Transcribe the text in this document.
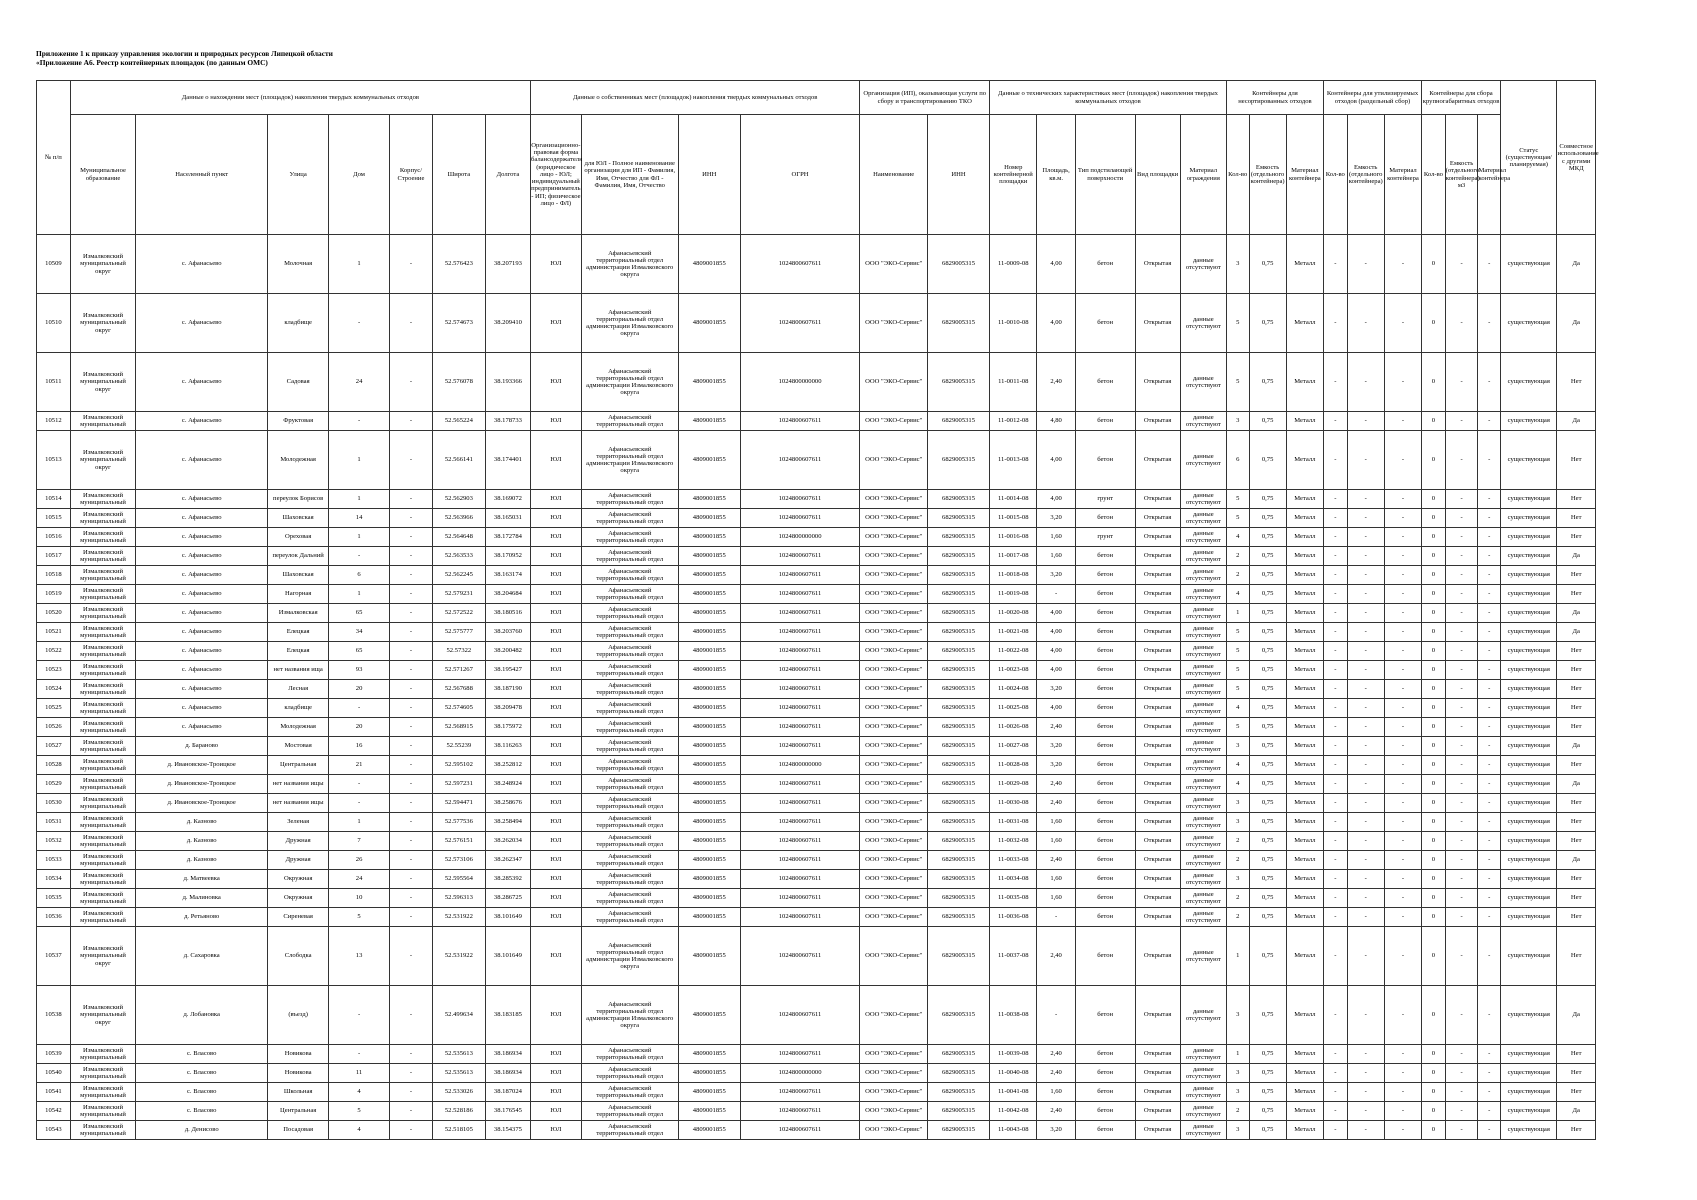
Приложение 1 к приказу управления экологии и природных ресурсов Липецкой области
«Приложение А6. Реестр контейнерных площадок (по данным ОМС)
№ п/п	Данные о нахождении мест (площадок) накопления твердых коммунальных отходов							Данные о собственниках мест (площадок) накопления твердых коммунальных отходов				Организация (ИП), оказывающая услуги по сбору и транспортированию ТКО		Данные о технических характеристиках мест (площадок) накопления твердых коммунальных отходов					Контейнеры для несортированных отходов			Контейнеры для утилизируемых отходов (раздельный сбор)			Контейнеры для сбора крупногабаритных отходов			Статус (существующая/планируемая)	Совместное использование с другими МКД
	Муниципальное образование	Населенный пункт	Улица	Дом	Корпус/Строение	Широта	Долгота	Организационно-правовая форма балансодержателя (юридическое лицо - ЮЛ; индивидуальный предприниматель - ИП; физическое лицо - ФЛ)	для ЮЛ - Полное наименование организации для ИП - Фамилия, Имя, Отчество для ФЛ - Фамилия, Имя, Отчество	ИНН	ОГРН	Наименование	ИНН	Номер контейнерной площадки	Площадь, кв.м.	Тип подстилающей поверхности	Вид площадки	Материал ограждения	Кол-во	Емкость (отдельного контейнера)	Материал контейнера	Кол-во	Емкость (отдельного контейнера)	Материал контейнера	Кол-во	Емкость (отдельного контейнера) м3	Материал контейнера		
10509	Измалковский муниципальный округ	с. Афанасьево	Молочная	1	-	52.576423	38.207193	ЮЛ	Афанасьевский территориальный отдел администрации Измалковского округа	4809001855	1024800607611	ООО "ЭКО-Сервис"	6829005315	11-0009-08	4,00	бетон	Открытая	данные отсутствуют	3	0,75	Металл	-	-	-	0	-	-	существующая	Да
10510	Измалковский муниципальный округ	с. Афанасьево	кладбище	-	-	52.574673	38.209410	ЮЛ	Афанасьевский территориальный отдел администрации Измалковского округа	4809001855	1024800607611	ООО "ЭКО-Сервис"	6829005315	11-0010-08	4,00	бетон	Открытая	данные отсутствуют	5	0,75	Металл	-	-	-	0	-	-	существующая	Да
10511	Измалковский муниципальный округ	с. Афанасьево	Садовая	24	-	52.576078	38.193366	ЮЛ	Афанасьевский территориальный отдел администрации Измалковского округа	4809001855	1024800000000	ООО "ЭКО-Сервис"	6829005315	11-0011-08	2,40	бетон	Открытая	данные отсутствуют	5	0,75	Металл	-	-	-	0	-	-	существующая	Нет
10512	Измалковский муниципальный	с. Афанасьево	Фруктовая	-	-	52.565224	38.178733	ЮЛ	Афанасьевский территориальный отдел	4809001855	1024800607611	ООО "ЭКО-Сервис"	6829005315	11-0012-08	4,80	бетон	Открытая	данные отсутствуют	3	0,75	Металл	-	-	-	0	-	-	существующая	Да
10513	Измалковский муниципальный округ	с. Афанасьево	Молодежная	1	-	52.566141	38.174401	ЮЛ	Афанасьевский территориальный отдел администрации Измалковского округа	4809001855	1024800607611	ООО "ЭКО-Сервис"	6829005315	11-0013-08	4,00	бетон	Открытая	данные отсутствуют	6	0,75	Металл	-	-	-	0	-	-	существующая	Нет
10514	Измалковский муниципальный	с. Афанасьево	переулок Борисов	1	-	52.562903	38.169072	ЮЛ	Афанасьевский территориальный отдел	4809001855	1024800607611	ООО "ЭКО-Сервис"	6829005315	11-0014-08	4,00	грунт	Открытая	данные отсутствуют	5	0,75	Металл	-	-	-	0	-	-	существующая	Нет
10515	Измалковский муниципальный	с. Афанасьево	Шаховская	14	-	52.563966	38.165031	ЮЛ	Афанасьевский территориальный отдел	4809001855	1024800607611	ООО "ЭКО-Сервис"	6829005315	11-0015-08	3,20	бетон	Открытая	данные отсутствуют	5	0,75	Металл	-	-	-	0	-	-	существующая	Нет
10516	Измалковский муниципальный	с. Афанасьево	Ореховая	1	-	52.564648	38.172784	ЮЛ	Афанасьевский территориальный отдел	4809001855	1024800000000	ООО "ЭКО-Сервис"	6829005315	11-0016-08	1,60	грунт	Открытая	данные отсутствуют	4	0,75	Металл	-	-	-	0	-	-	существующая	Нет
10517	Измалковский муниципальный	с. Афанасьево	переулок Дальний	-	-	52.563533	38.170952	ЮЛ	Афанасьевский территориальный отдел	4809001855	1024800607611	ООО "ЭКО-Сервис"	6829005315	11-0017-08	1,60	бетон	Открытая	данные отсутствуют	2	0,75	Металл	-	-	-	0	-	-	существующая	Да
10518	Измалковский муниципальный	с. Афанасьево	Шаховская	6	-	52.562245	38.163174	ЮЛ	Афанасьевский территориальный отдел	4809001855	1024800607611	ООО "ЭКО-Сервис"	6829005315	11-0018-08	3,20	бетон	Открытая	данные отсутствуют	2	0,75	Металл	-	-	-	0	-	-	существующая	Нет
10519	Измалковский муниципальный	с. Афанасьево	Нагорная	1	-	52.579231	38.204684	ЮЛ	Афанасьевский территориальный отдел	4809001855	1024800607611	ООО "ЭКО-Сервис"	6829005315	11-0019-08	-	бетон	Открытая	данные отсутствуют	4	0,75	Металл	-	-	-	0	-	-	существующая	Нет
10520	Измалковский муниципальный	с. Афанасьево	Измалковская	65	-	52.572522	38.180516	ЮЛ	Афанасьевский территориальный отдел	4809001855	1024800607611	ООО "ЭКО-Сервис"	6829005315	11-0020-08	4,00	бетон	Открытая	данные отсутствуют	1	0,75	Металл	-	-	-	0	-	-	существующая	Да
10521	Измалковский муниципальный	с. Афанасьево	Елецкая	34	-	52.575777	38.203760	ЮЛ	Афанасьевский территориальный отдел	4809001855	1024800607611	ООО "ЭКО-Сервис"	6829005315	11-0021-08	4,00	бетон	Открытая	данные отсутствуют	5	0,75	Металл	-	-	-	0	-	-	существующая	Да
10522	Измалковский муниципальный	с. Афанасьево	Елецкая	65	-	52.57322	38.200482	ЮЛ	Афанасьевский территориальный отдел	4809001855	1024800607611	ООО "ЭКО-Сервис"	6829005315	11-0022-08	4,00	бетон	Открытая	данные отсутствуют	5	0,75	Металл	-	-	-	0	-	-	существующая	Нет
10523	Измалковский муниципальный	с. Афанасьево	нет названия ища	93	-	52.571267	38.195427	ЮЛ	Афанасьевский территориальный отдел	4809001855	1024800607611	ООО "ЭКО-Сервис"	6829005315	11-0023-08	4,00	бетон	Открытая	данные отсутствуют	5	0,75	Металл	-	-	-	0	-	-	существующая	Нет
10524	Измалковский муниципальный	с. Афанасьево	Лесная	20	-	52.567688	38.187190	ЮЛ	Афанасьевский территориальный отдел	4809001855	1024800607611	ООО "ЭКО-Сервис"	6829005315	11-0024-08	3,20	бетон	Открытая	данные отсутствуют	5	0,75	Металл	-	-	-	0	-	-	существующая	Нет
10525	Измалковский муниципальный	с. Афанасьево	кладбище	-	-	52.574605	38.209478	ЮЛ	Афанасьевский территориальный отдел	4809001855	1024800607611	ООО "ЭКО-Сервис"	6829005315	11-0025-08	4,00	бетон	Открытая	данные отсутствуют	4	0,75	Металл	-	-	-	0	-	-	существующая	Нет
10526	Измалковский муниципальный	с. Афанасьево	Молодежная	20	-	52.568915	38.175972	ЮЛ	Афанасьевский территориальный отдел	4809001855	1024800607611	ООО "ЭКО-Сервис"	6829005315	11-0026-08	2,40	бетон	Открытая	данные отсутствуют	5	0,75	Металл	-	-	-	0	-	-	существующая	Нет
10527	Измалковский муниципальный	д. Бараново	Мостовая	16	-	52.55239	38.116263	ЮЛ	Афанасьевский территориальный отдел	4809001855	1024800607611	ООО "ЭКО-Сервис"	6829005315	11-0027-08	3,20	бетон	Открытая	данные отсутствуют	3	0,75	Металл	-	-	-	0	-	-	существующая	Да
10528	Измалковский муниципальный	д. Ивановское-Троицкое	Центральная	21	-	52.595102	38.252812	ЮЛ	Афанасьевский территориальный отдел	4809001855	1024800000000	ООО "ЭКО-Сервис"	6829005315	11-0028-08	3,20	бетон	Открытая	данные отсутствуют	4	0,75	Металл	-	-	-	0	-	-	существующая	Нет
10529	Измалковский муниципальный	д. Ивановское-Троицкое	нет названия ищы	-	-	52.597231	38.248924	ЮЛ	Афанасьевский территориальный отдел	4809001855	1024800607611	ООО "ЭКО-Сервис"	6829005315	11-0029-08	2,40	бетон	Открытая	данные отсутствуют	4	0,75	Металл	-	-	-	0	-	-	существующая	Да
10530	Измалковский муниципальный	д. Ивановское-Троицкое	нет названия ищы	-	-	52.594471	38.258676	ЮЛ	Афанасьевский территориальный отдел	4809001855	1024800607611	ООО "ЭКО-Сервис"	6829005315	11-0030-08	2,40	бетон	Открытая	данные отсутствуют	3	0,75	Металл	-	-	-	0	-	-	существующая	Нет
10531	Измалковский муниципальный	д. Казново	Зеленая	1	-	52.577536	38.258494	ЮЛ	Афанасьевский территориальный отдел	4809001855	1024800607611	ООО "ЭКО-Сервис"	6829005315	11-0031-08	1,60	бетон	Открытая	данные отсутствуют	3	0,75	Металл	-	-	-	0	-	-	существующая	Нет
10532	Измалковский муниципальный	д. Казново	Дружная	7	-	52.576151	38.262034	ЮЛ	Афанасьевский территориальный отдел	4809001855	1024800607611	ООО "ЭКО-Сервис"	6829005315	11-0032-08	1,60	бетон	Открытая	данные отсутствуют	2	0,75	Металл	-	-	-	0	-	-	существующая	Нет
10533	Измалковский муниципальный	д. Казново	Дружная	26	-	52.573106	38.262347	ЮЛ	Афанасьевский территориальный отдел	4809001855	1024800607611	ООО "ЭКО-Сервис"	6829005315	11-0033-08	2,40	бетон	Открытая	данные отсутствуют	2	0,75	Металл	-	-	-	0	-	-	существующая	Да
10534	Измалковский муниципальный	д. Матвеевка	Окружная	24	-	52.595564	38.285392	ЮЛ	Афанасьевский территориальный отдел	4809001855	1024800607611	ООО "ЭКО-Сервис"	6829005315	11-0034-08	1,60	бетон	Открытая	данные отсутствуют	3	0,75	Металл	-	-	-	0	-	-	существующая	Нет
10535	Измалковский муниципальный	д. Малиновка	Окружная	10	-	52.596313	38.286725	ЮЛ	Афанасьевский территориальный отдел	4809001855	1024800607611	ООО "ЭКО-Сервис"	6829005315	11-0035-08	1,60	бетон	Открытая	данные отсутствуют	2	0,75	Металл	-	-	-	0	-	-	существующая	Нет
10536	Измалковский муниципальный	д. Ретьяново	Сиреневая	5	-	52.531922	38.101649	ЮЛ	Афанасьевский территориальный отдел	4809001855	1024800607611	ООО "ЭКО-Сервис"	6829005315	11-0036-08	-	бетон	Открытая	данные отсутствуют	2	0,75	Металл	-	-	-	0	-	-	существующая	Нет
10537	Измалковский муниципальный округ	д. Сахаровка	Слободка	13	-	52.531922	38.101649	ЮЛ	Афанасьевский территориальный отдел администрации Измалковского округа	4809001855	1024800607611	ООО "ЭКО-Сервис"	6829005315	11-0037-08	2,40	бетон	Открытая	данные отсутствуют	1	0,75	Металл	-	-	-	0	-	-	существующая	Нет
10538	Измалковский муниципальный округ	д. Лобановка	(въезд)	-	-	52.499634	38.183185	ЮЛ	Афанасьевский территориальный отдел администрации Измалковского округа	4809001855	1024800607611	ООО "ЭКО-Сервис"	6829005315	11-0038-08	-	бетон	Открытая	данные отсутствуют	3	0,75	Металл	-	-	-	0	-	-	существующая	Да
10539	Измалковский муниципальный	с. Власово	Новикова	-	-	52.535613	38.186934	ЮЛ	Афанасьевский территориальный отдел	4809001855	1024800607611	ООО "ЭКО-Сервис"	6829005315	11-0039-08	2,40	бетон	Открытая	данные отсутствуют	1	0,75	Металл	-	-	-	0	-	-	существующая	Нет
10540	Измалковский муниципальный	с. Власово	Новикова	11	-	52.535613	38.186934	ЮЛ	Афанасьевский территориальный отдел	4809001855	1024800000000	ООО "ЭКО-Сервис"	6829005315	11-0040-08	2,40	бетон	Открытая	данные отсутствуют	3	0,75	Металл	-	-	-	0	-	-	существующая	Нет
10541	Измалковский муниципальный	с. Власово	Школьная	4	-	52.533026	38.187024	ЮЛ	Афанасьевский территориальный отдел	4809001855	1024800607611	ООО "ЭКО-Сервис"	6829005315	11-0041-08	1,60	бетон	Открытая	данные отсутствуют	3	0,75	Металл	-	-	-	0	-	-	существующая	Нет
10542	Измалковский муниципальный	с. Власово	Центральная	5	-	52.528186	38.176545	ЮЛ	Афанасьевский территориальный отдел	4809001855	1024800607611	ООО "ЭКО-Сервис"	6829005315	11-0042-08	2,40	бетон	Открытая	данные отсутствуют	2	0,75	Металл	-	-	-	0	-	-	существующая	Да
10543	Измалковский муниципальный	д. Денисово	Посадовая	4	-	52.518105	38.154375	ЮЛ	Афанасьевский территориальный отдел	4809001855	1024800607611	ООО "ЭКО-Сервис"	6829005315	11-0043-08	3,20	бетон	Открытая	данные отсутствуют	3	0,75	Металл	-	-	-	0	-	-	существующая	Нет
